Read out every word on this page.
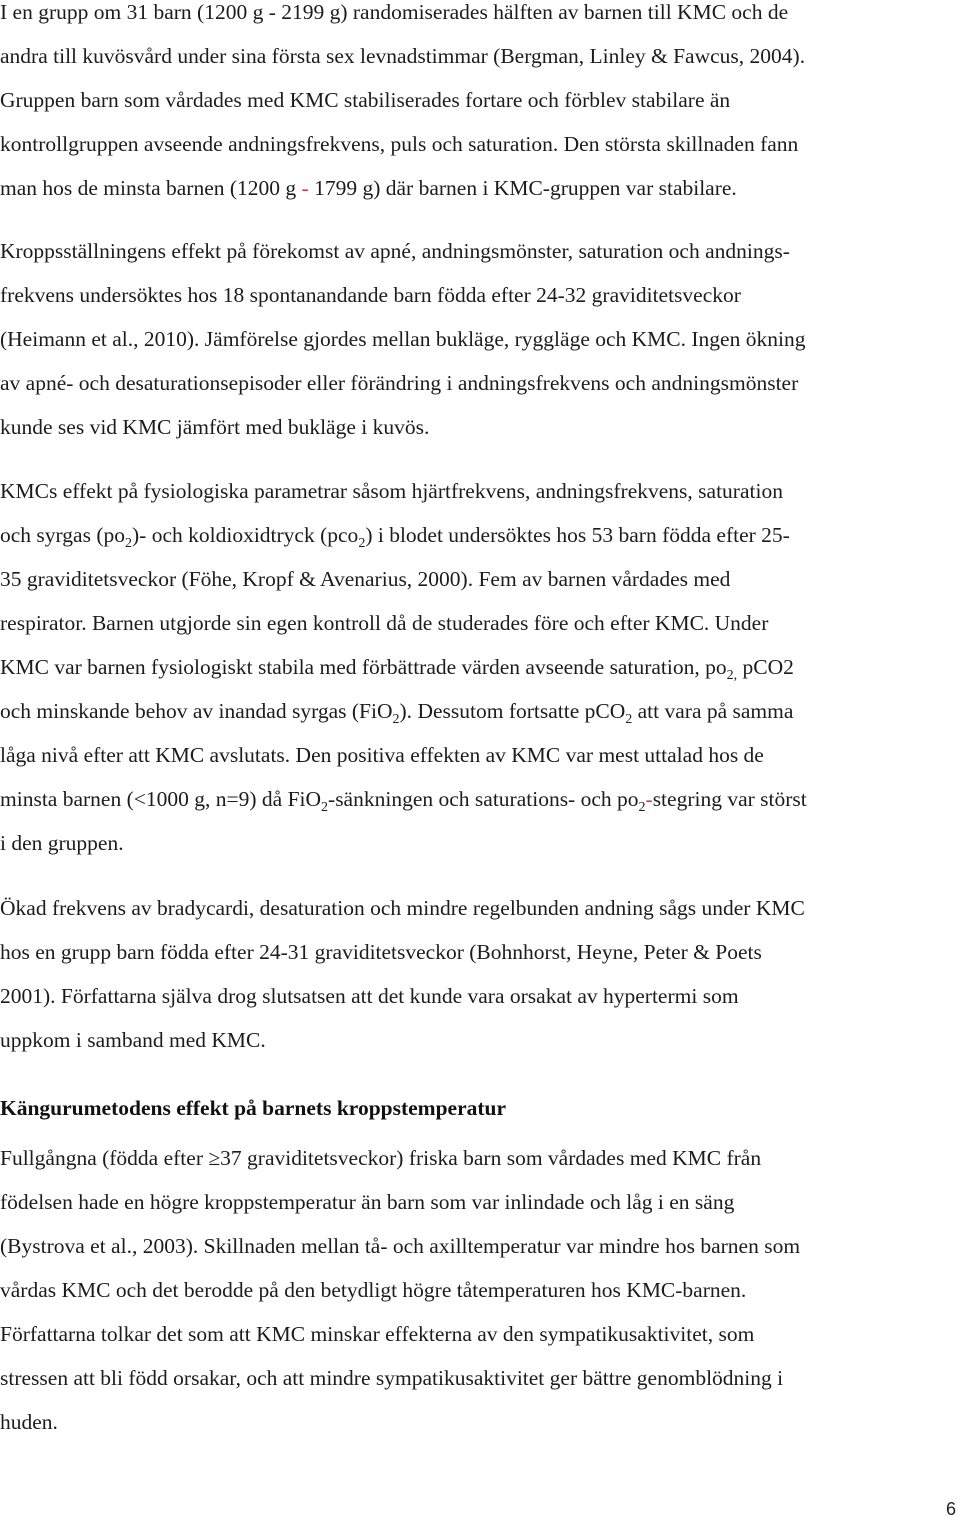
I en grupp om 31 barn (1200 g - 2199 g) randomiserades hälften av barnen till KMC och de
andra till kuvösvård under sina första sex levnadstimmar (Bergman, Linley & Fawcus, 2004).
Gruppen barn som vårdades med KMC stabiliserades fortare och förblev stabilare än
kontrollgruppen avseende andningsfrekvens, puls och saturation. Den största skillnaden fann
man hos de minsta barnen (1200 g - 1799 g) där barnen i KMC-gruppen var stabilare.
Kroppsställningens effekt på förekomst av apné, andningsmönster, saturation och andnings-
frekvens undersöktes hos 18 spontanandande barn födda efter 24-32 graviditetsveckor
(Heimann et al., 2010). Jämförelse gjordes mellan bukläge, ryggläge och KMC. Ingen ökning
av apné- och desaturationsepisoder eller förändring i andningsfrekvens och andningsmönster
kunde ses vid KMC jämfört med bukläge i kuvös.
KMCs effekt på fysiologiska parametrar såsom hjärtfrekvens, andningsfrekvens, saturation
och syrgas $(po_2)-$ och koldioxidtryck (pco$_2$) i blodet undersöktes hos 53 barn födda efter 25-
35 graviditetsveckor (Föhe, Kropf & Avenarius, 2000). Fem av barnen vårdades med
respirator. Barnen utgjorde sin egen kontroll då de studerades före och efter KMC. Under
KMC var barnen fysiologiskt stabila med förbättrade värden avseende saturation, $po_{2,}$ pCO2
och minskande behov av inandad syrgas (FiO$_2$). Dessutom fortsatte pCO$_2$ att vara på samma
låga nivå efter att KMC avslutats. Den positiva effekten av KMC var mest uttalad hos de
minsta barnen (<1000 g, n=9) då FiO$_2$-sänkningen och saturations- och $po_2$-stegring var störst
i den gruppen.
Ökad frekvens av bradycardi, desaturation och mindre regelbunden andning sågs under KMC
hos en grupp barn födda efter 24-31 graviditetsveckor (Bohnhorst, Heyne, Peter & Poets
2001). Författarna själva drog slutsatsen att det kunde vara orsakat av hypertermi som
uppkom i samband med KMC.
Kängurumetodens effekt på barnets kroppstemperatur
Fullgångna (födda efter ≥37 graviditetsveckor) friska barn som vårdades med KMC från
födelsen hade en högre kroppstemperatur än barn som var inlindade och låg i en säng
(Bystrova et al., 2003). Skillnaden mellan tå- och axilltemperatur var mindre hos barnen som
vårdas KMC och det berodde på den betydligt högre tåtemperaturen hos KMC-barnen.
Författarna tolkar det som att KMC minskar effekterna av den sympatikusaktivitet, som
stressen att bli född orsakar, och att mindre sympatikusaktivitet ger bättre genomblödning i
huden.
6
